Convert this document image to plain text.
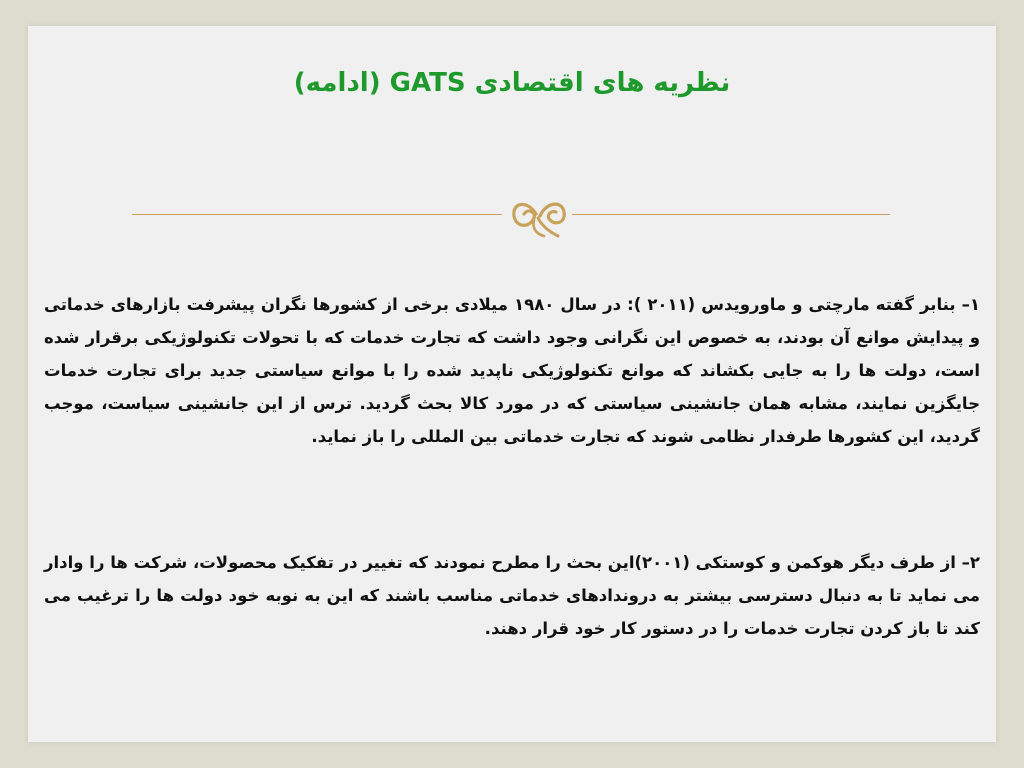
نظریه های اقتصادی GATS (ادامه)

۱– بنابر گفته مارچتی و ماورویدس (۲۰۱۱ ): در سال ۱۹۸۰ میلادی برخی از کشورها نگران پیشرفت بازارهای خدماتی و پیدایش موانع آن بودند، به خصوص این نگرانی وجود داشت که تجارت خدمات که با تحولات تکنولوژیکی برقرار شده است، دولت ها را به جایی بکشاند که موانع تکنولوژیکی ناپدید شده را با موانع سیاستی جدید برای تجارت خدمات جایگزین نمایند، مشابه همان جانشینی سیاستی که در مورد کالا بحث گردید. ترس از این جانشینی سیاست، موجب گردید، این کشورها طرفدار نظامی شوند که تجارت خدماتی بین المللی را باز نماید.

۲– از طرف دیگر هوکمن و کوستکی (۲۰۰۱)این بحث را مطرح نمودند که تغییر در تفکیک محصولات، شرکت ها را وادار می نماید تا به دنبال دسترسی بیشتر به دروندادهای خدماتی مناسب باشند که این به نوبه خود دولت ها را ترغیب می کند تا باز کردن تجارت خدمات را در دستور کار خود قرار دهند.
